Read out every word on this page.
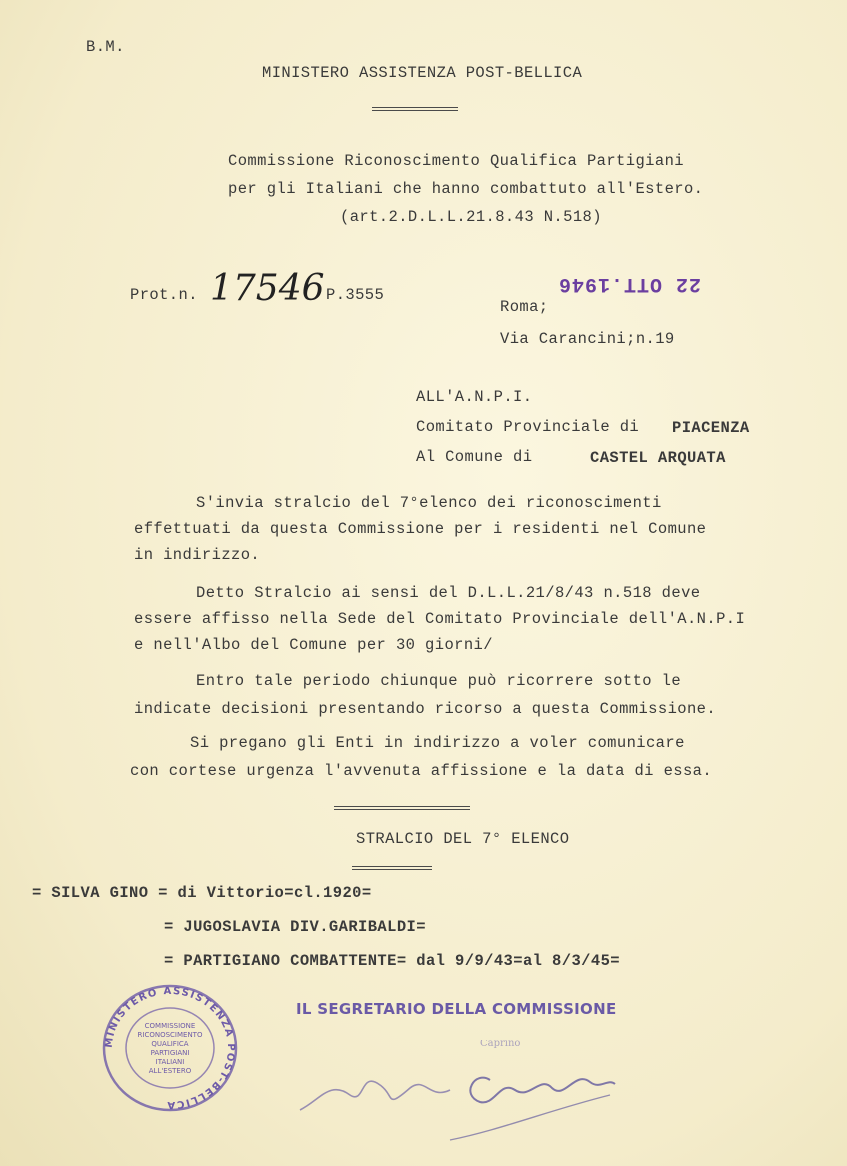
B.M.
MINISTERO ASSISTENZA POST-BELLICA
Commissione Riconoscimento Qualifica Partigiani
per gli Italiani che hanno combattuto all'Estero.
(art.2.D.L.L.21.8.43 N.518)
Prot.n. 17546 P.3555	22 OTT.1946
Roma;
Via Carancini;n.19
ALL'A.N.P.I.
Comitato Provinciale di PIACENZA
Al Comune di	CASTEL ARQUATA
S'invia stralcio del 7°elenco dei riconoscimenti
effettuati da questa Commissione per i residenti nel Comune
in indirizzo.
Detto Stralcio ai sensi del D.L.L.21/8/43 n.518 deve
essere affisso nella Sede del Comitato Provinciale dell'A.N.P.I
e nell'Albo del Comune per 30 giorni/
Entro tale periodo chiunque può ricorrere sotto le
indicate decisioni presentando ricorso a questa Commissione.
Si pregano gli Enti in indirizzo a voler comunicare
con cortese urgenza l'avvenuta affissione e la data di essa.
STRALCIO DEL 7° ELENCO
= SILVA GINO = di Vittorio=cl.1920=
= JUGOSLAVIA DIV.GARIBALDI=
= PARTIGIANO COMBATTENTE= dal 9/9/43=al 8/3/45=
IL SEGRETARIO DELLA COMMISSIONE
MINISTERO ASSISTENZA POST-BELLICA
COMMISSIONE
RICONOSCIMENTO
QUALIFICA
PARTIGIANI
ITALIANI
ALL'ESTERO
Caprino
